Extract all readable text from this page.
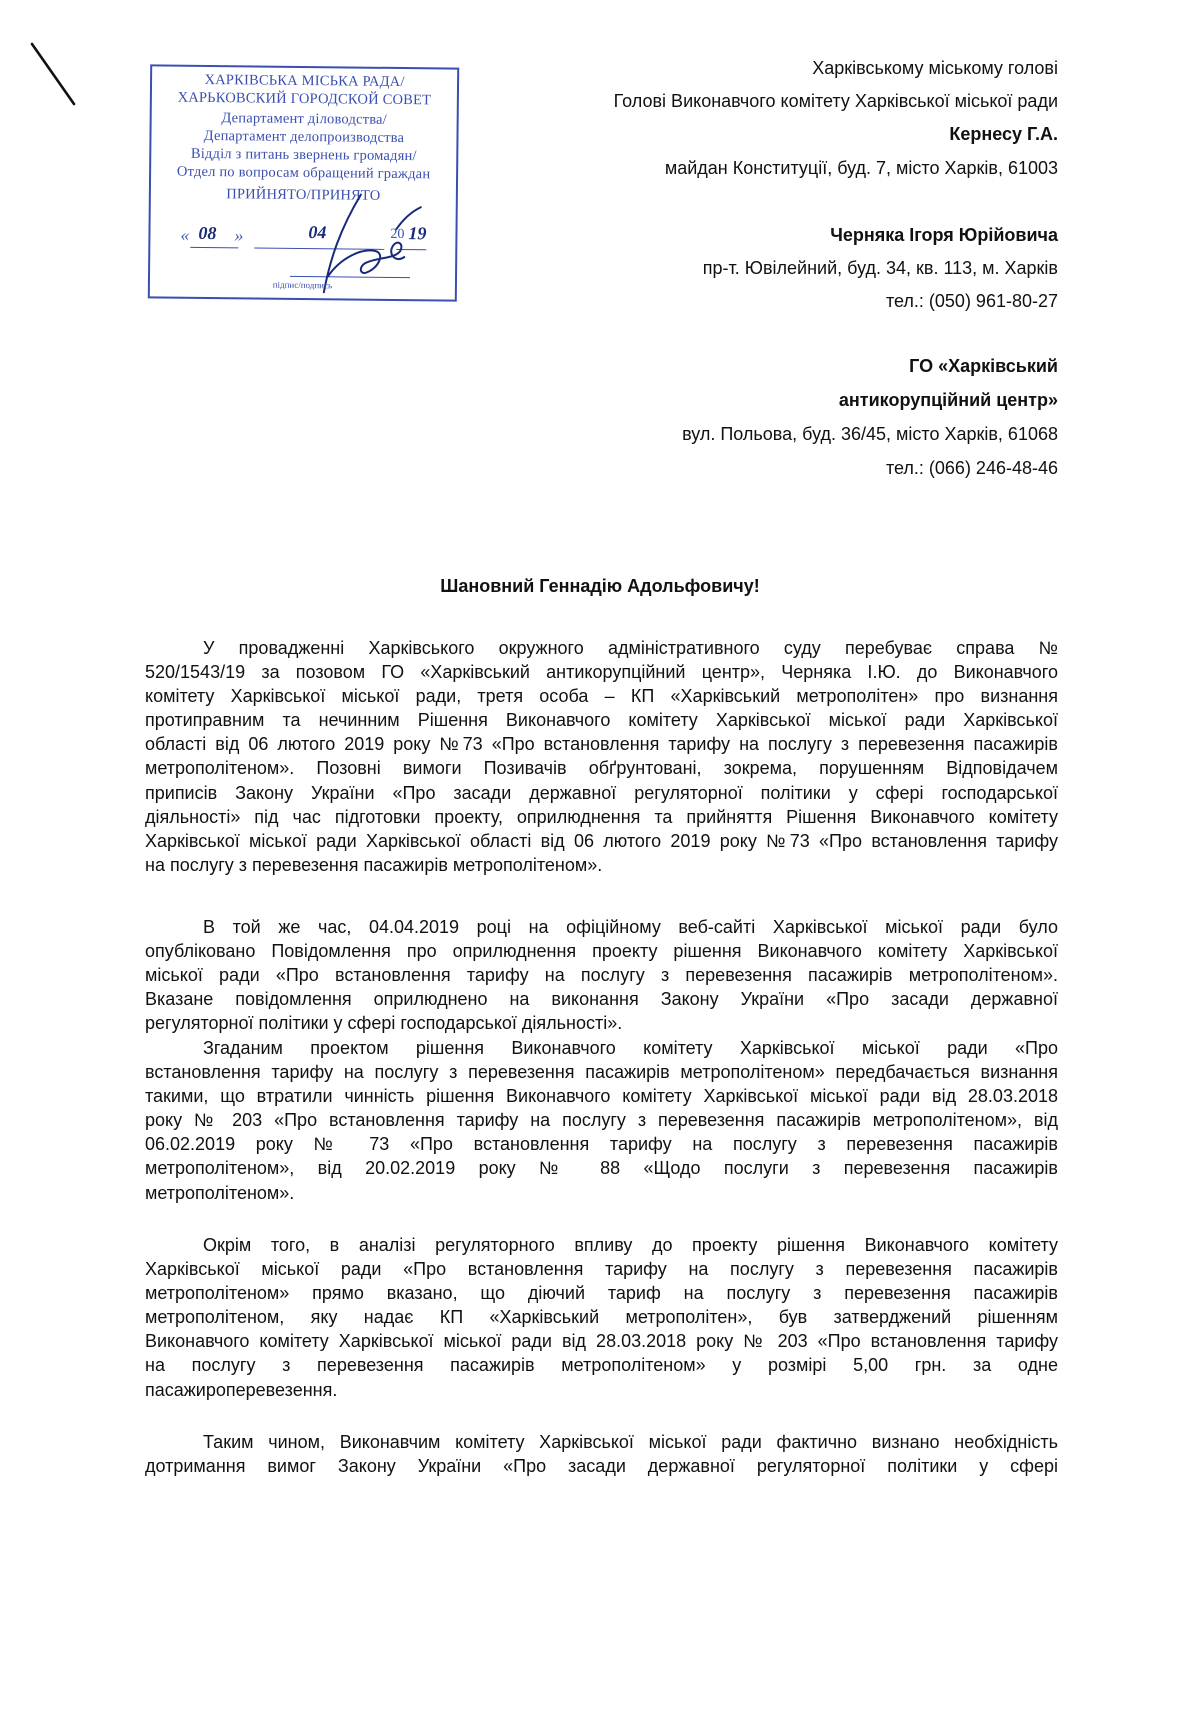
ХАРКІВСЬКА МІСЬКА РАДА/
ХАРЬКОВСКИЙ ГОРОДСКОЙ СОВЕТ
Департамент діловодства/
Департамент делопроизводства
Відділ з питань звернень громадян/
Отдел по вопросам обращений граждан
ПРИЙНЯТО/ПРИНЯТО
« 08 »	04	20 19
підпис/подпись
Харківському міському голові
Голові Виконавчого комітету Харківської міської ради
Кернесу Г.А.
майдан Конституції, буд. 7, місто Харків, 61003
Черняка Ігоря Юрійовича
пр-т. Ювілейний, буд. 34, кв. 113, м. Харків
тел.: (050) 961-80-27
ГО «Харківський
антикорупційний центр»
вул. Польова, буд. 36/45, місто Харків, 61068
тел.: (066) 246-48-46
Шановний Геннадію Адольфовичу!
У провадженні Харківського окружного адміністративного суду перебуває справа №
520/1543/19 за позовом ГО «Харківський антикорупційний центр», Черняка І.Ю. до Виконавчого
комітету Харківської міської ради, третя особа – КП «Харківський метрополітен» про визнання
протиправним та нечинним Рішення Виконавчого комітету Харківської міської ради Харківської
області від 06 лютого 2019 року №73 «Про встановлення тарифу на послугу з перевезення пасажирів
метрополітеном». Позовні вимоги Позивачів обґрунтовані, зокрема, порушенням Відповідачем
приписів Закону України «Про засади державної регуляторної політики у сфері господарської
діяльності» під час підготовки проекту, оприлюднення та прийняття Рішення Виконавчого комітету
Харківської міської ради Харківської області від 06 лютого 2019 року №73 «Про встановлення тарифу
на послугу з перевезення пасажирів метрополітеном».
В той же час, 04.04.2019 році на офіційному веб-сайті Харківської міської ради було
опубліковано Повідомлення про оприлюднення проекту рішення Виконавчого комітету Харківської
міської ради «Про встановлення тарифу на послугу з перевезення пасажирів метрополітеном».
Вказане повідомлення оприлюднено на виконання Закону України «Про засади державної
регуляторної політики у сфері господарської діяльності».
Згаданим проектом рішення Виконавчого комітету Харківської міської ради «Про
встановлення тарифу на послугу з перевезення пасажирів метрополітеном» передбачається визнання
такими, що втратили чинність рішення Виконавчого комітету Харківської міської ради від 28.03.2018
року № 203 «Про встановлення тарифу на послугу з перевезення пасажирів метрополітеном», від
06.02.2019 року № 73 «Про встановлення тарифу на послугу з перевезення пасажирів
метрополітеном», від 20.02.2019 року № 88 «Щодо послуги з перевезення пасажирів
метрополітеном».
Окрім того, в аналізі регуляторного впливу до проекту рішення Виконавчого комітету
Харківської міської ради «Про встановлення тарифу на послугу з перевезення пасажирів
метрополітеном» прямо вказано, що діючий тариф на послугу з перевезення пасажирів
метрополітеном, яку надає КП «Харківський метрополітен», був затверджений рішенням
Виконавчого комітету Харківської міської ради від 28.03.2018 року № 203 «Про встановлення тарифу
на послугу з перевезення пасажирів метрополітеном» у розмірі 5,00 грн. за одне
пасажироперевезення.
Таким чином, Виконавчим комітету Харківської міської ради фактично визнано необхідність
дотримання вимог Закону України «Про засади державної регуляторної політики у сфері
